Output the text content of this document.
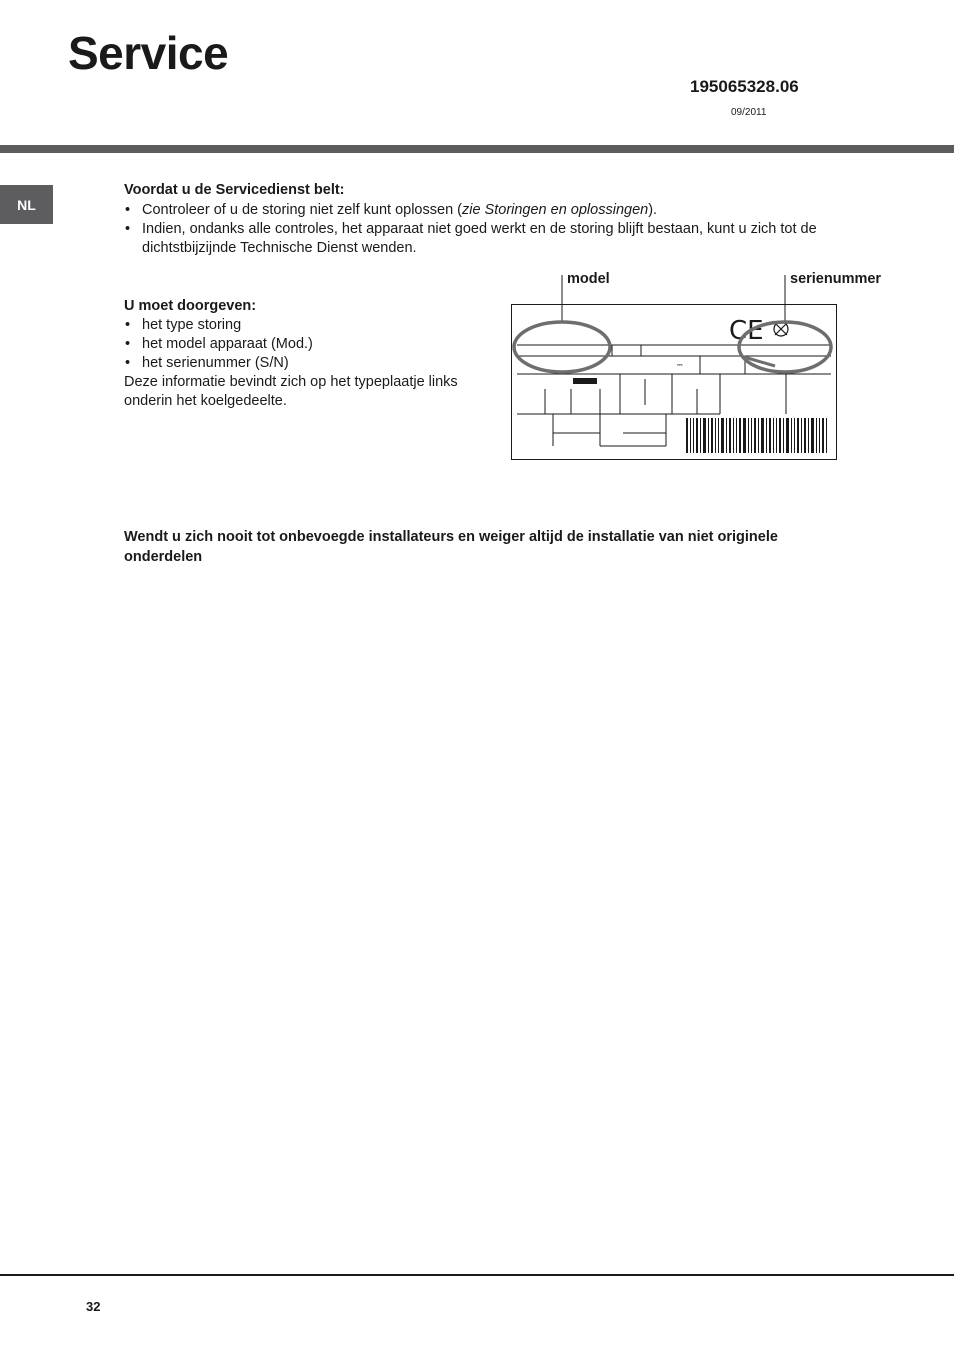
Service
195065328.06
09/2011
NL
Voordat u de Servicedienst belt:
• Controleer of u de storing niet zelf kunt oplossen (zie Storingen en oplossingen).
• Indien, ondanks alle controles, het apparaat niet goed werkt en de storing blijft bestaan, kunt u zich tot de dichtstbijzijnde Technische Dienst wenden.
U moet doorgeven:
• het type storing
• het model apparaat (Mod.)
• het serienummer (S/N)
Deze informatie bevindt zich op het typeplaatje links onderin het koelgedeelte.
model	serienummer
⎓
CE
Wendt u zich nooit tot onbevoegde installateurs en weiger altijd de installatie van niet originele onderdelen
32
